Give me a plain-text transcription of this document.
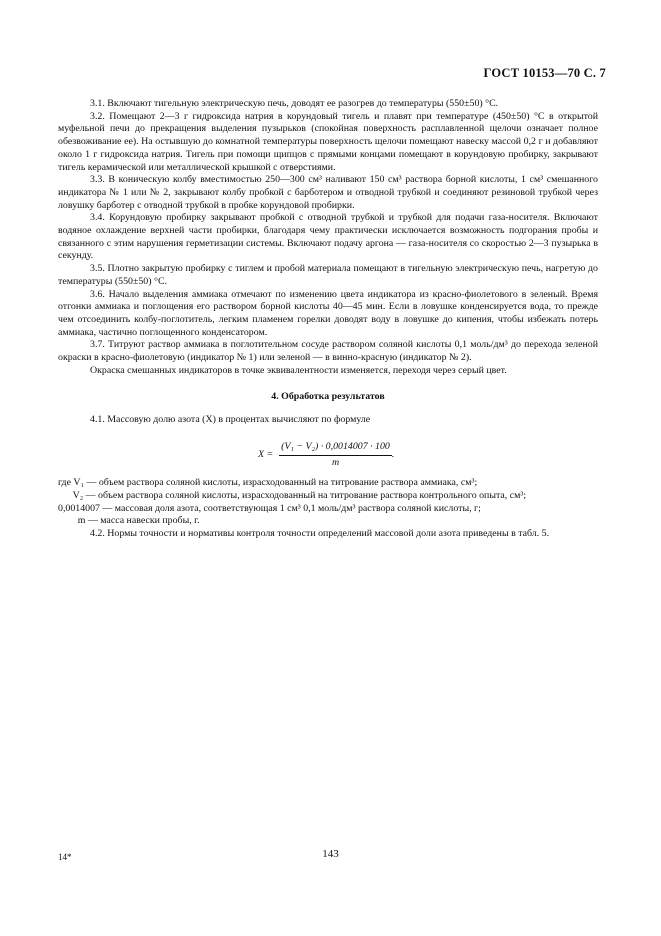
ГОСТ 10153—70 С. 7

3.1. Включают тигельную электрическую печь, доводят ее разогрев до температуры (550±50) °С.

3.2. Помещают 2—3 г гидроксида натрия в корундовый тигель и плавят при температуре (450±50) °С в открытой муфельной печи до прекращения выделения пузырьков (спокойная поверхность расплавленной щелочи означает полное обезвоживание ее). На остывшую до комнатной температуры поверхность щелочи помещают навеску массой 0,2 г и добавляют около 1 г гидроксида натрия. Тигель при помощи щипцов с прямыми концами помещают в корундовую пробирку, закрывают тигель керамической или металлической крышкой с отверстиями.

3.3. В коническую колбу вместимостью 250—300 см³ наливают 150 см³ раствора борной кислоты, 1 см³ смешанного индикатора № 1 или № 2, закрывают колбу пробкой с барботером и отводной трубкой и соединяют резиновой трубкой через ловушку барботер с отводной трубкой в пробке корундовой пробирки.

3.4. Корундовую пробирку закрывают пробкой с отводной трубкой и трубкой для подачи газа-носителя. Включают водяное охлаждение верхней части пробирки, благодаря чему практически исключается возможность подгорания пробы и связанного с этим нарушения герметизации системы. Включают подачу аргона — газа-носителя со скоростью 2—3 пузырька в секунду.

3.5. Плотно закрытую пробирку с тиглем и пробой материала помещают в тигельную электрическую печь, нагретую до температуры (550±50) °С.

3.6. Начало выделения аммиака отмечают по изменению цвета индикатора из красно-фиолетового в зеленый. Время отгонки аммиака и поглощения его раствором борной кислоты 40—45 мин. Если в ловушке конденсируется вода, то прежде чем отсоединить колбу-поглотитель, легким пламенем горелки доводят воду в ловушке до кипения, чтобы избежать потерь аммиака, частично поглощенного конденсатором.

3.7. Титруют раствор аммиака в поглотительном сосуде раствором соляной кислоты 0,1 моль/дм³ до перехода зеленой окраски в красно-фиолетовую (индикатор № 1) или зеленой — в винно-красную (индикатор № 2).

Окраска смешанных индикаторов в точке эквивалентности изменяется, переходя через серый цвет.

4. Обработка результатов

4.1. Массовую долю азота (X) в процентах вычисляют по формуле

$X = \frac{\text{(V₁ − V₂) · 0,0014007 · 100}}{m}$ .
где V₁ — объем раствора соляной кислоты, израсходованный на титрование раствора аммиака, см³;
V₂ — объем раствора соляной кислоты, израсходованный на титрование раствора контрольного опыта, см³;
0,0014007 — массовая доля азота, соответствующая 1 см³ 0,1 моль/дм³ раствора соляной кислоты, г;
m — масса навески пробы, г.

4.2. Нормы точности и нормативы контроля точности определений массовой доли азота приведены в табл. 5.

14*	143
